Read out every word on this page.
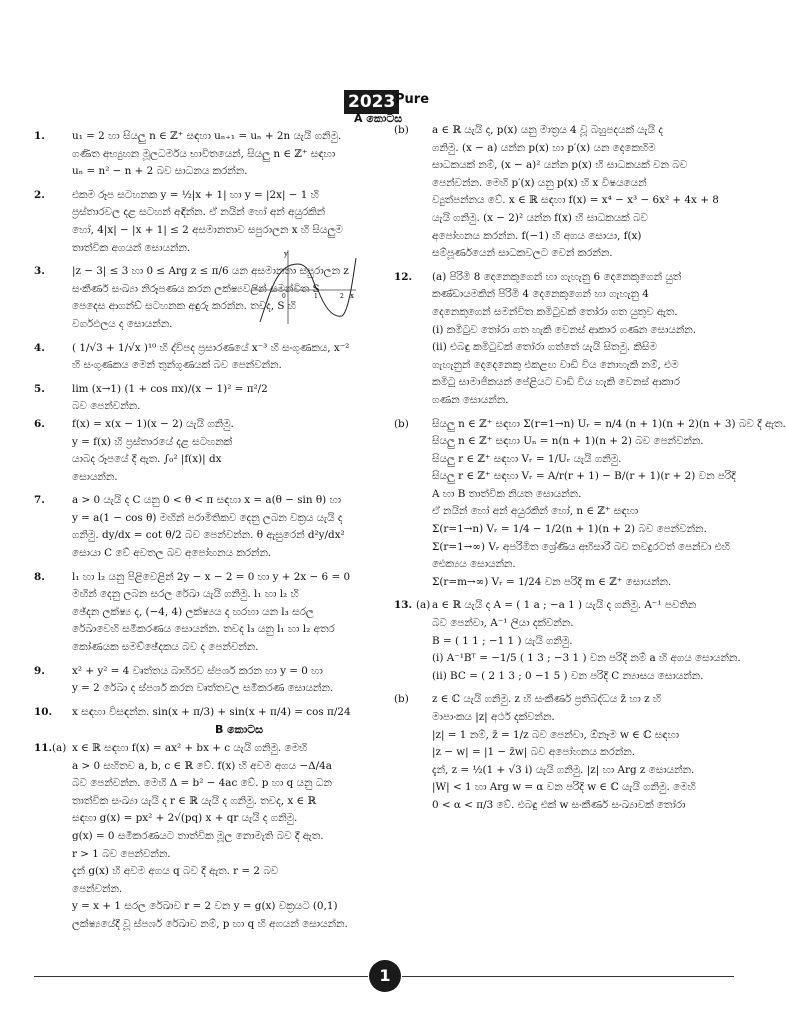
2023 Pure
A කොටස
1.	u₁ = 2 හා සියලු n ∈ ℤ⁺ සඳහා uₙ₊₁ = uₙ + 2n යැයි ගනිමු.
ගණිත අභ්‍යුහන මූලධර්මය භාවිතයෙන්, සියලු n ∈ ℤ⁺ සඳහා
uₙ = n² − n + 2 බව සාධනය කරන්න.
2.	එකම රූප සටහනක y = ½|x + 1| හා y = |2x| − 1 හි
ප්‍රස්තාරවල දළ සටහන් අඳින්න. ඒ නයින් හෝ අන් අයුරකින්
හෝ, 4|x| − |x + 1| ≤ 2 අසමානතාව සපුරාලන x හි සියලුම
තාත්වික අගයන් සොයන්න.
3.	|z − 3| ≤ 3 හා 0 ≤ Arg z ≤ π/6 යන අසමානතා සපුරාලන z
සංකීර්ණ සංඛ්‍යා නිරූපණය කරන ලක්ෂ්‍යවලින් සමන්විත S
පෙදෙස ආගන්ඩ් සටහනක අඳුරු කරන්න. තවද, S හි
වර්ගඵලය ද සොයන්න.
4.	( 1/√3 + 1/√x )¹⁰ හි ද්විපද ප්‍රසාරණයේ x⁻³ හි සංගුණකය, x⁻²
හි සංගුණකය මෙන් තුන්ගුණයක් බව පෙන්වන්න.
5.	lim (x→1) (1 + cos πx)/(x − 1)² = π²/2 බව පෙන්වන්න.
6.	f(x) = x(x − 1)(x − 2) යැයි ගනිමු.
y = f(x) හි ප්‍රස්තාරයේ දළ සටහනක්
යාබද රූපයේ දී ඇත. ∫₀² |f(x)| dx
සොයන්න.
7.	a > 0 යැයි ද C යනු 0 < θ < π සඳහා x = a(θ − sin θ) හා
y = a(1 − cos θ) මඟින් පරාමිතිකව දෙනු ලබන වක්‍රය යැයි ද
ගනිමු. dy/dx = cot θ/2 බව පෙන්වන්න. θ ඇසුරෙන් d²y/dx²
සොයා C වේ අවතල බව අපෝහනය කරන්න.
8.	l₁ හා l₂ යනු පිළිවෙළින් 2y − x − 2 = 0 හා y + 2x − 6 = 0
මඟින් දෙනු ලබන සරල රේඛා යැයි ගනිමු. l₁ හා l₂ හි
ඡේදන ලක්ෂ්‍ය ද, (−4, 4) ලක්ෂ්‍යය ද හරහා යන l₃ සරල
රේඛාවෙහි සමීකරණය සොයන්න. තවද l₃ යනු l₁ හා l₂ අතර
කෝණයක සමච්ඡේදකය බව ද පෙන්වන්න.
9.	x² + y² = 4 වෘත්තය බාහිරව ස්පර්ශ කරන හා y = 0 හා
y = 2 රේඛා ද ස්පර්ශ කරන වෘත්තවල සමීකරණ සොයන්න.
10. x සඳහා විසඳන්න. sin(x + π/3) + sin(x + π/4) = cos π/24
B කොටස
11. (a) x ∈ ℝ සඳහා f(x) = ax² + bx + c යැයි ගනිමු. මෙහි
a > 0 සහිතව a, b, c ∈ ℝ වේ. f(x) හි අවම අගය −Δ/4a
බව පෙන්වන්න. මෙහි Δ = b² − 4ac වේ. p හා q යනු ධන
තාත්වික සංඛ්‍යා යැයි ද r ∈ ℝ යැයි ද ගනිමු. තවද, x ∈ ℝ
සඳහා g(x) = px² + 2√(pq) x + qr යැයි ද ගනිමු.
g(x) = 0 සමීකරණයට තාත්වික මූල නොමැති බව දී ඇත.
r > 1 බව පෙන්වන්න.
දැන් g(x) හි අවම අගය q බව දී ඇත. r = 2 බව
පෙන්වන්න.
y = x + 1 සරල රේඛාව r = 2 වන y = g(x) වක්‍රයට (0,1)
ලක්ෂ්‍යයේදී වූ ස්පර්ශ රේඛාව නම්, p හා q හි අගයන් සොයන්න.
y
x
0	1	2
(b) a ∈ ℝ යැයි ද, p(x) යනු මාත්‍රය 4 වූ බහුපදයක් යැයි ද
ගනිමු. (x − a) යන්න p(x) හා p′(x) යන දෙකෙහිම
සාධකයක් නම්, (x − a)² යන්න p(x) හි සාධකයක් වන බව
පෙන්වන්න. මෙහි p′(x) යනු p(x) හි x විෂයයෙන්
ව්‍යුත්පන්නය වේ. x ∈ ℝ සඳහා f(x) = x⁴ − x³ − 6x² + 4x + 8
යැයි ගනිමු. (x − 2)² යන්න f(x) හි සාධකයක් බව
අපෝහනය කරන්න. f(−1) හි අගය සොයා, f(x)
සම්පූර්ණයෙන් සාධකවලට වෙන් කරන්න.
12. (a) පිරිමි 8 දෙනෙකුගෙන් හා ගැහැනු 6 දෙනෙකුගෙන් යුත්
කණ්ඩායමකින් පිරිමි 4 දෙනෙකුගෙන් හා ගැහැනු 4
දෙනෙකුගෙන් සමන්විත කමිටුවක් තෝරා ගත යුතුව ඇත.
(i) කමිටුව තෝරා ගත හැකි වෙනස් ආකාර ගණන සොයන්න.
(ii) එබඳු කමිටුවක් තෝරා ගත්තේ යැයි සිතමු. කිසිම
ගැහැනුන් දෙදෙනෙකු එකළඟ වාඩි විය නොහැකි නම්, එම
කමිටු සාමාජිකයන් පේළියට වාඩි විය හැකි වෙනස් ආකාර
ගණන සොයන්න.
(b) සියලු n ∈ ℤ⁺ සඳහා Σ(r=1→n) Uᵣ = n/4 (n + 1)(n + 2)(n + 3) බව දී ඇත.
සියලු n ∈ ℤ⁺ සඳහා Uₙ = n(n + 1)(n + 2) බව පෙන්වන්න.
සියලු r ∈ ℤ⁺ සඳහා Vᵣ = 1/Uᵣ යැයි ගනිමු.
සියලු r ∈ ℤ⁺ සඳහා Vᵣ = A/r(r + 1) − B/(r + 1)(r + 2) වන පරිදි
A හා B තාත්වික නියත සොයන්න.
ඒ නයින් හෝ අන් අයුරකින් හෝ, n ∈ ℤ⁺ සඳහා
Σ(r=1→n) Vᵣ = 1/4 − 1/2(n + 1)(n + 2) බව පෙන්වන්න.
Σ(r=1→∞) Vᵣ අපරිමිත ශ්‍රේණිය අභිසාරී බව තවදුරටත් පෙන්වා එහි
ඓක්‍යය සොයන්න.
Σ(r=m→∞) Vᵣ = 1/24 වන පරිදි m ∈ ℤ⁺ සොයන්න.
13. (a) a ∈ ℝ යැයි ද A = ( 1 a ; −a 1 ) යැයි ද ගනිමු. A⁻¹ පවතින
බව පෙන්වා, A⁻¹ ලියා දක්වන්න.
B = ( 1 1 ; −1 1 ) යැයි ගනිමු.
(i) A⁻¹Bᵀ = −1/5 ( 1 3 ; −3 1 ) වන පරිදි නම් a හි අගය සොයන්න.
(ii) BC = ( 2 1 3 ; 0 −1 5 ) වන පරිදි C න්‍යාසය සොයන්න.
(b) z ∈ ℂ යැයි ගනිමු. z හි සංකීර්ණ ප්‍රතිබද්ධය z̄ හා z හි
මාපාංකය |z| අර්ථ දක්වන්න.
|z| = 1 නම්, z̄ = 1/z බව පෙන්වා, ඕනෑම w ∈ ℂ සඳහා
|z − w| = |1 − z̄w| බව අපෝහනය කරන්න.
දැන්, z = ½(1 + √3 i) යැයි ගනිමු. |z| හා Arg z සොයන්න.
|W| < 1 හා Arg w = α වන පරිදි w ∈ ℂ යැයි ගනිමු. මෙහි
0 < α < π/3 වේ. එබඳු එක් w සංකීර්ණ සංඛ්‍යාවක් තෝරා
1
